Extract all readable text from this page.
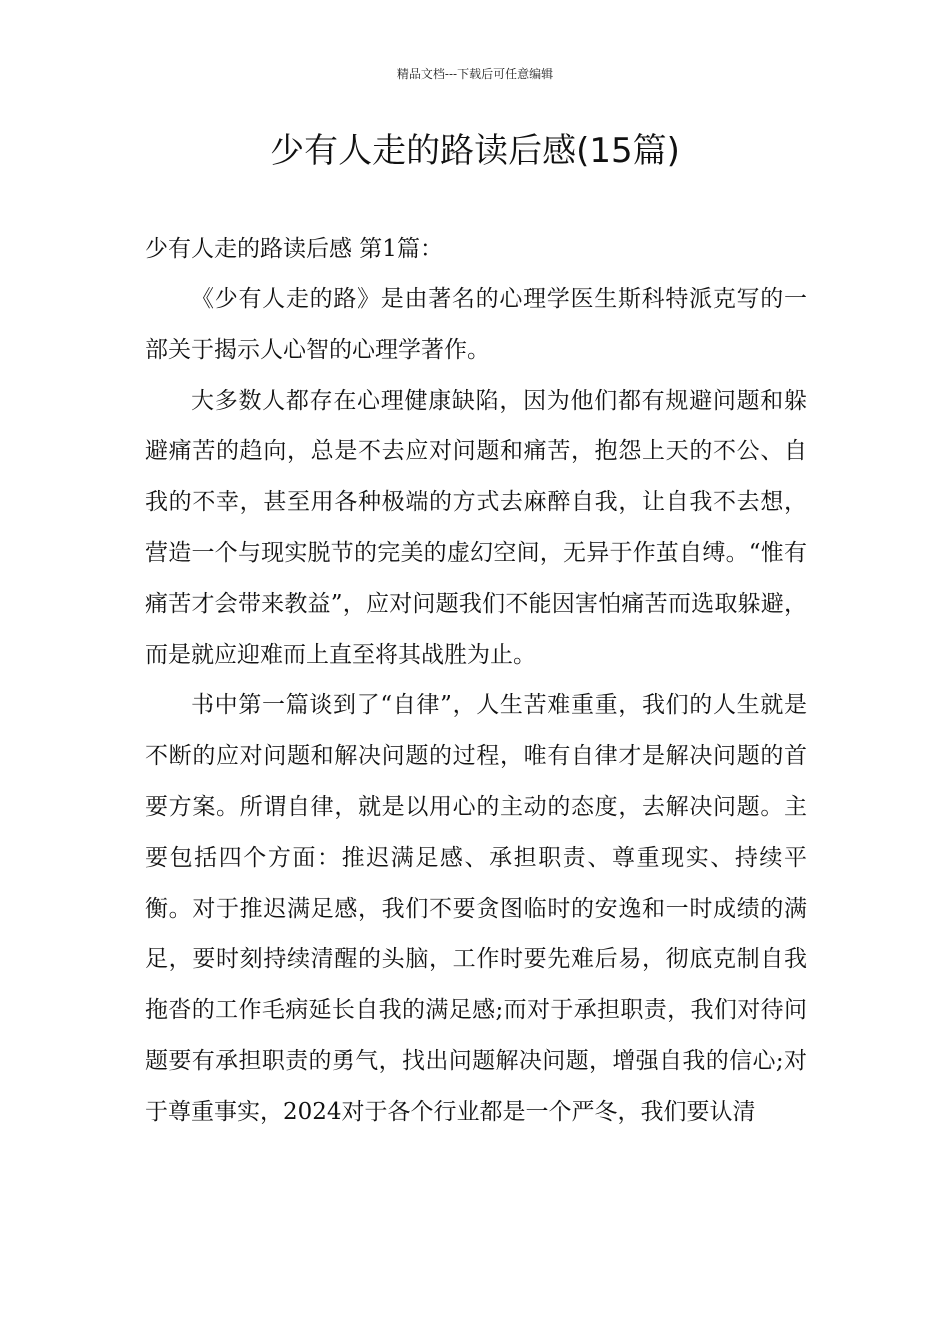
精品文档---下载后可任意编辑
少有人走的路读后感(15篇)
少有人走的路读后感 第1篇：

《少有人走的路》是由著名的心理学医生斯科特派克写的一部关于揭示人心智的心理学著作。

大多数人都存在心理健康缺陷，因为他们都有规避问题和躲避痛苦的趋向，总是不去应对问题和痛苦，抱怨上天的不公、自我的不幸，甚至用各种极端的方式去麻醉自我，让自我不去想，营造一个与现实脱节的完美的虚幻空间，无异于作茧自缚。“惟有痛苦才会带来教益”，应对问题我们不能因害怕痛苦而选取躲避，而是就应迎难而上直至将其战胜为止。

书中第一篇谈到了“自律”，人生苦难重重，我们的人生就是不断的应对问题和解决问题的过程，唯有自律才是解决问题的首要方案。所谓自律，就是以用心的主动的态度，去解决问题。主要包括四个方面：推迟满足感、承担职责、尊重现实、持续平衡。对于推迟满足感，我们不要贪图临时的安逸和一时成绩的满足，要时刻持续清醒的头脑，工作时要先难后易，彻底克制自我拖沓的工作毛病延长自我的满足感;而对于承担职责，我们对待问题要有承担职责的勇气，找出问题解决问题，增强自我的信心;对于尊重事实，2024对于各个行业都是一个严冬，我们要认清
